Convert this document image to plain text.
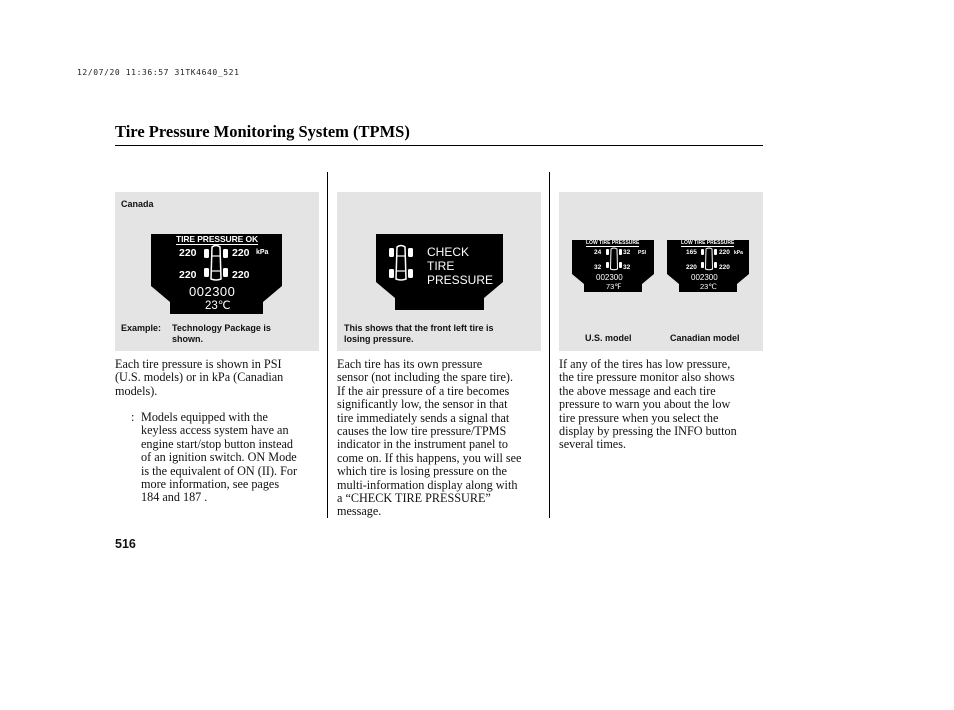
12/07/20 11:36:57 31TK4640_521
Tire Pressure Monitoring System (TPMS)
Canada
TIRE PRESSURE OK
220	220 kPa
220	220
002300
23℃
Example: Technology Package is
shown.
Each tire pressure is shown in PSI
(U.S. models) or in kPa (Canadian
models).
: Models equipped with the
keyless access system have an
engine start/stop button instead
of an ignition switch. ON Mode
is the equivalent of ON (II). For
more information, see pages
184 and 187 .
CHECK
TIRE
PRESSURE
This shows that the front left tire is
losing pressure.
Each tire has its own pressure
sensor (not including the spare tire).
If the air pressure of a tire becomes
significantly low, the sensor in that
tire immediately sends a signal that
causes the low tire pressure/TPMS
indicator in the instrument panel to
come on. If this happens, you will see
which tire is losing pressure on the
multi-information display along with
a “CHECK TIRE PRESSURE”
message.
LOW TIRE PRESSURE
24	32 PSI
32	32
002300
73℉
LOW TIRE PRESSURE
165	220 kPa
220	220
002300
23℃
U.S. model	Canadian model
If any of the tires has low pressure,
the tire pressure monitor also shows
the above message and each tire
pressure to warn you about the low
tire pressure when you select the
display by pressing the INFO button
several times.
516
